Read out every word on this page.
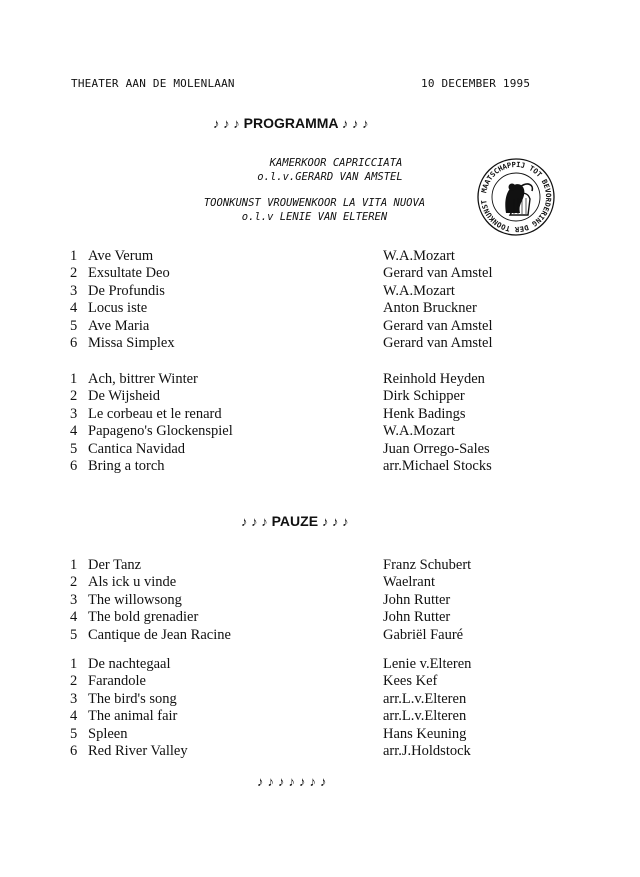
THEATER AAN DE MOLENLAAN	10 DECEMBER 1995
♪ ♪ ♪ PROGRAMMA ♪ ♪ ♪
KAMERKOOR CAPRICCIATA
o.l.v.GERARD VAN AMSTEL
TOONKUNST VROUWENKOOR LA VITA NUOVA
o.l.v LENIE VAN ELTEREN
MAATSCHAPPIJ TOT BEVORDERING DER TOONKUNST
1 Ave Verum	W.A.Mozart
2 Exsultate Deo	Gerard van Amstel
3 De Profundis	W.A.Mozart
4 Locus iste	Anton Bruckner
5 Ave Maria	Gerard van Amstel
6 Missa Simplex	Gerard van Amstel
1 Ach, bittrer Winter	Reinhold Heyden
2 De Wijsheid	Dirk Schipper
3 Le corbeau et le renard	Henk Badings
4 Papageno's Glockenspiel	W.A.Mozart
5 Cantica Navidad	Juan Orrego-Sales
6 Bring a torch	arr.Michael Stocks
♪ ♪ ♪ PAUZE ♪ ♪ ♪
1 Der Tanz	Franz Schubert
2 Als ick u vinde	Waelrant
3 The willowsong	John Rutter
4 The bold grenadier	John Rutter
5 Cantique de Jean Racine	Gabriël Fauré
1 De nachtegaal	Lenie v.Elteren
2 Farandole	Kees Kef
3 The bird's song	arr.L.v.Elteren
4 The animal fair	arr.L.v.Elteren
5 Spleen	Hans Keuning
6 Red River Valley	arr.J.Holdstock
♪♪♪♪♪♪♪
